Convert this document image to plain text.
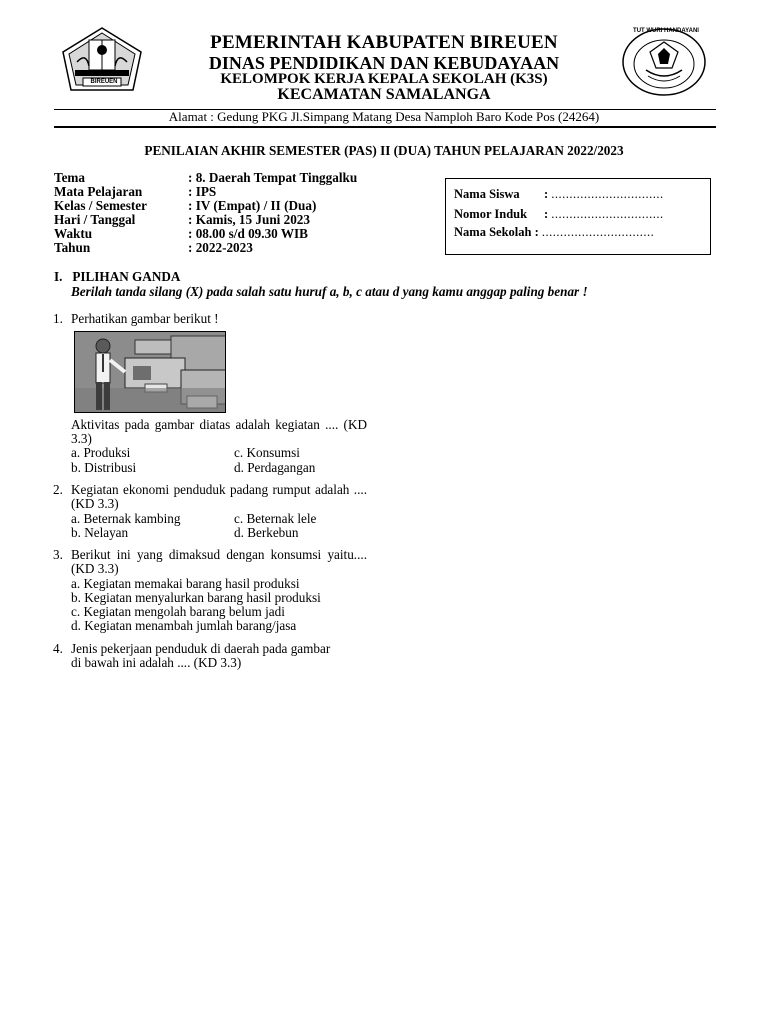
BIREUEN
TUT WURI HANDAYANI
PEMERINTAH KABUPATEN BIREUEN
DINAS PENDIDIKAN DAN KEBUDAYAAN
KELOMPOK KERJA KEPALA SEKOLAH (K3S)
KECAMATAN SAMALANGA
Alamat : Gedung PKG Jl.Simpang Matang Desa Namploh Baro Kode Pos (24264)
PENILAIAN AKHIR SEMESTER (PAS) II (DUA) TAHUN PELAJARAN 2022/2023
Tema	: 8. Daerah Tempat Tinggalku
Mata Pelajaran	: IPS
Kelas / Semester	: IV (Empat) / II (Dua)
Hari / Tanggal	: Kamis, 15 Juni 2023
Waktu	: 08.00 s/d 09.30 WIB
Tahun	: 2022-2023
Nama Siswa : ...............................
Nomor Induk : ...............................
Nama Sekolah : ...............................
I.   PILIHAN GANDA
Berilah tanda silang (X) pada salah satu huruf a, b, c atau d yang kamu anggap paling benar !
1. Perhatikan gambar berikut !
Aktivitas pada gambar diatas adalah kegiatan .... (KD 3.3)
a. Produksi	c. Konsumsi
b. Distribusi	d. Perdagangan
2. Kegiatan ekonomi penduduk padang rumput adalah .... (KD 3.3)
a. Beternak kambing	c. Beternak lele
b. Nelayan	d. Berkebun
3. Berikut ini yang dimaksud dengan konsumsi yaitu.... (KD 3.3)
a. Kegiatan memakai barang hasil produksi
b. Kegiatan menyalurkan barang hasil produksi
c. Kegiatan mengolah barang belum jadi
d. Kegiatan menambah jumlah barang/jasa
4. Jenis pekerjaan penduduk di daerah pada gambar
di bawah ini adalah .... (KD 3.3)
